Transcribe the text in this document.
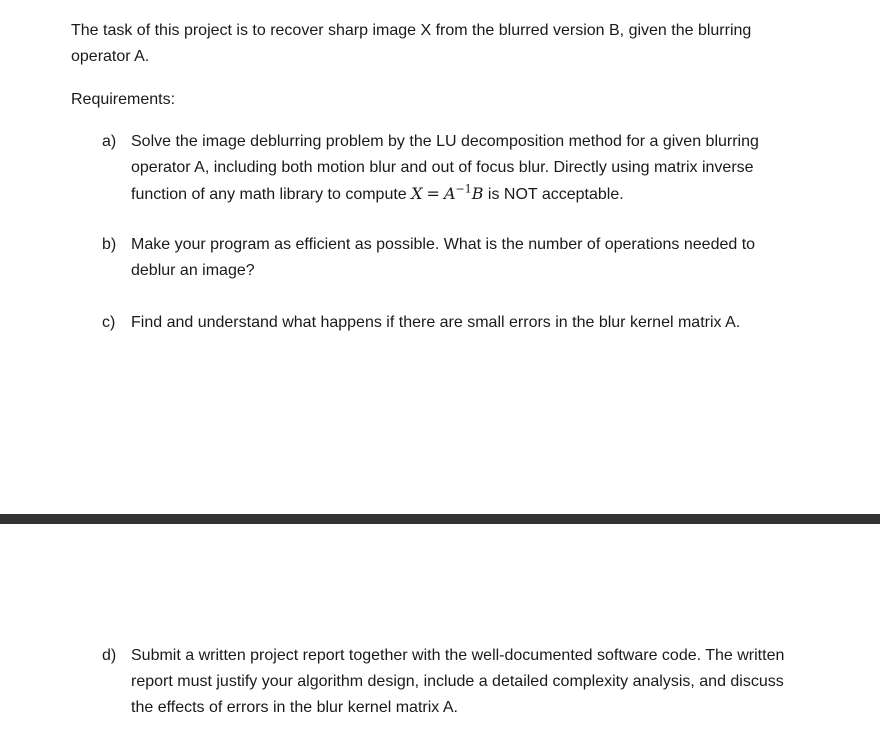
The task of this project is to recover sharp image X from the blurred version B, given the blurring operator A.

Requirements:

a) Solve the image deblurring problem by the LU decomposition method for a given blurring operator A, including both motion blur and out of focus blur. Directly using matrix inverse function of any math library to compute $X = A^{-1}B$ is NOT acceptable.
b) Make your program as efficient as possible. What is the number of operations needed to deblur an image?
c) Find and understand what happens if there are small errors in the blur kernel matrix A.
d) Submit a written project report together with the well-documented software code. The written report must justify your algorithm design, include a detailed complexity analysis, and discuss the effects of errors in the blur kernel matrix A.
